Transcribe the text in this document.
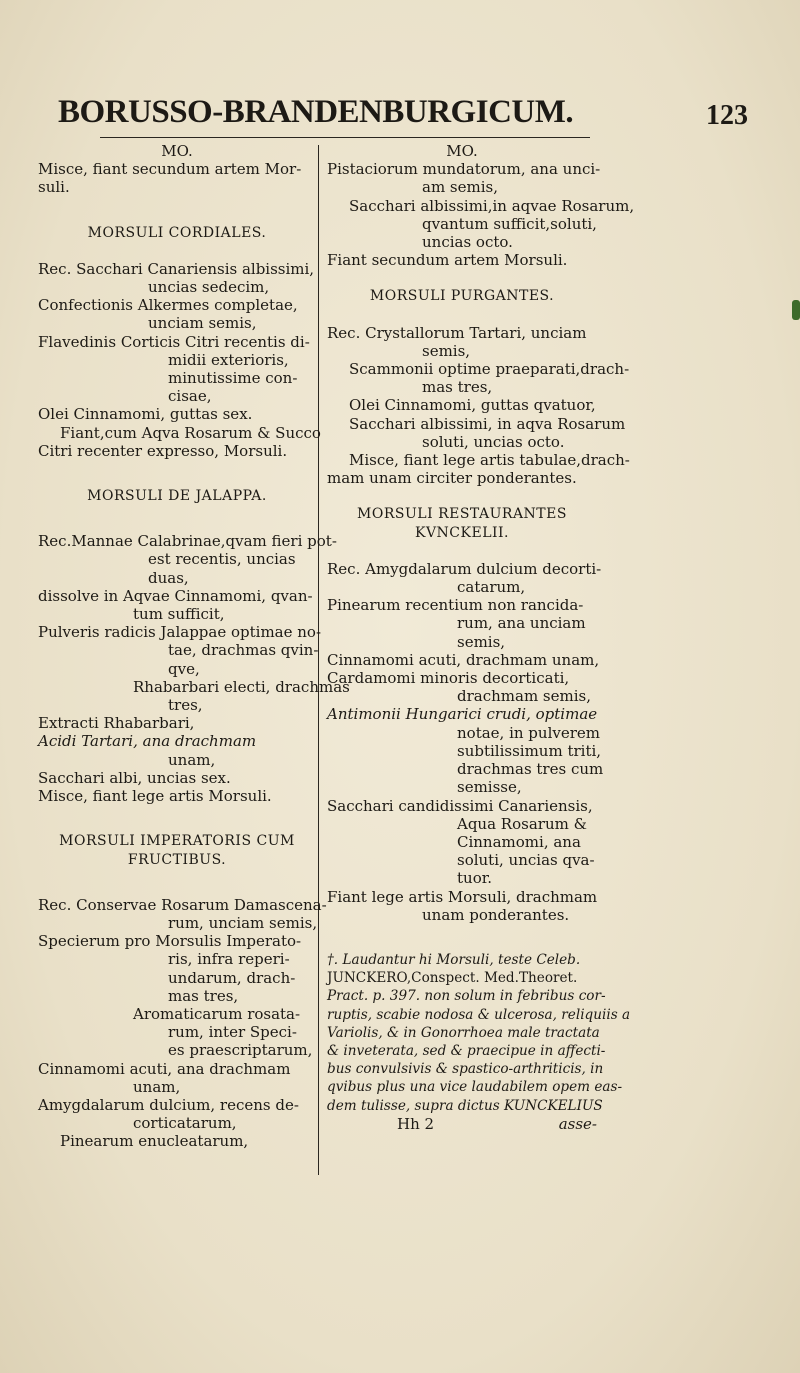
BORUSSO-BRANDENBURGICUM.	123
MO.
Misce, fiant secundum artem Mor-
suli.
MORSULI CORDIALES.
Rec. Sacchari Canariensis albissimi,
uncias sedecim,
Confectionis Alkermes completae,
unciam semis,
Flavedinis Corticis Citri recentis di-
midii exterioris,
minutissime con-
cisae,
Olei Cinnamomi, guttas sex.
Fiant,cum Aqva Rosarum & Succo
Citri recenter expresso, Morsuli.
MORSULI DE JALAPPA.
Rec.Mannae Calabrinae,qvam fieri pot-
est recentis, uncias
duas,
dissolve in Aqvae Cinnamomi, qvan-
tum sufficit,
Pulveris radicis Jalappae optimae no-
tae, drachmas qvin-
qve,
Rhabarbari electi, drachmas
tres,
Extracti Rhabarbari,
Acidi Tartari, ana drachmam
unam,
Sacchari albi, uncias sex.
Misce, fiant lege artis Morsuli.
MORSULI IMPERATORIS CUM
FRUCTIBUS.
Rec. Conservae Rosarum Damascena-
rum, unciam semis,
Specierum pro Morsulis Imperato-
ris, infra reperi-
undarum, drach-
mas tres,
Aromaticarum rosata-
rum, inter Speci-
es praescriptarum,
Cinnamomi acuti, ana drachmam
unam,
Amygdalarum dulcium, recens de-
corticatarum,
Pinearum enucleatarum,
MO.
Pistaciorum mundatorum, ana unci-
am semis,
Sacchari albissimi,in aqvae Rosarum,
qvantum sufficit,soluti,
uncias octo.
Fiant secundum artem Morsuli.
MORSULI PURGANTES.
Rec. Crystallorum Tartari, unciam
semis,
Scammonii optime praeparati,drach-
mas tres,
Olei Cinnamomi, guttas qvatuor,
Sacchari albissimi, in aqva Rosarum
soluti, uncias octo.
Misce, fiant lege artis tabulae,drach-
mam unam circiter ponderantes.
MORSULI RESTAURANTES
KVNCKELII.
Rec. Amygdalarum dulcium decorti-
catarum,
Pinearum recentium non rancida-
rum, ana unciam
semis,
Cinnamomi acuti, drachmam unam,
Cardamomi minoris decorticati,
drachmam semis,
Antimonii Hungarici crudi, optimae
notae, in pulverem
subtilissimum triti,
drachmas tres cum
semisse,
Sacchari candidissimi Canariensis,
Aqua Rosarum &
Cinnamomi, ana
soluti, uncias qva-
tuor.
Fiant lege artis Morsuli, drachmam
unam ponderantes.
†. Laudantur hi Morsuli, teste Celeb.
JUNCKERO,Conspect. Med.Theoret.
Pract. p. 397. non solum in febribus cor-
ruptis, scabie nodosa & ulcerosa, reliquiis a
Variolis, & in Gonorrhoea male tractata
& inveterata, sed & praecipue in affecti-
bus convulsivis & spastico-arthriticis, in
qvibus plus una vice laudabilem opem eas-
dem tulisse, supra dictus KUNCKELIUS
Hh 2	asse-
